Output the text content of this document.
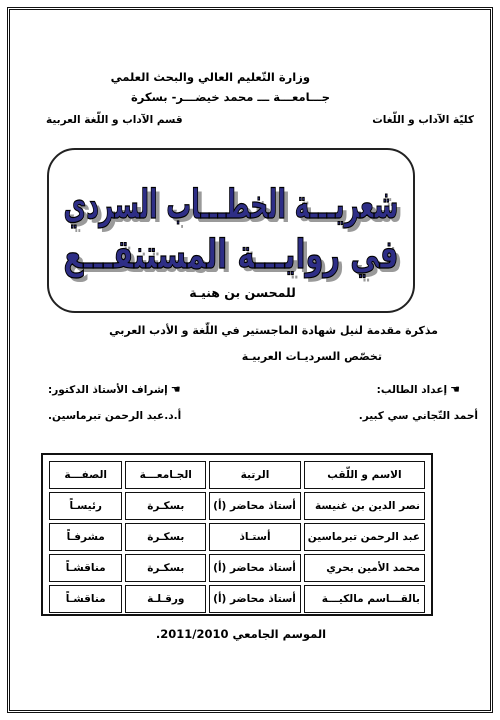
وزارة التّعليم العالي والبحث العلمي
جـــامعـــة ـــ محمد خيضـــر- بسكرة
كليّة الآداب و اللّغات
قسم الآداب و اللّغة العربية
شعريـــة الخطـــاب السردي
شعريـــة الخطـــاب السردي
في روايـــة المستنقـــع
في روايـــة المستنقـــع
للمحسن بن هنيـة
مذكرة مقدمة لنيل شهادة الماجستير في اللّغة و الأدب العربي
تخصّص السرديـات العربيـة
☚إعداد الطالب:
☚إشراف الأستاذ الدكتور:
أحمد التّجاني سي كبير.
أ.د.عبد الرحمن تبرماسين.
الاسم و اللّقب	الرتبة	الجـامعـــة	الصفـــة
نصر الدين بن غنيسة	أستاذ محاضر (أ)	بسكـرة	رئيسـاً
عبد الرحمن تبرماسين	أستـاذ	بسكـرة	مشرفـاً
محمد الأمين بحري	أستاذ محاضر (أ)	بسكـرة	مناقشـاً
بالقـــاسم مالكيـــة	أستاذ محاضر (أ)	ورقـلـة	مناقشـاً
الموسم الجامعي 2011/2010.
